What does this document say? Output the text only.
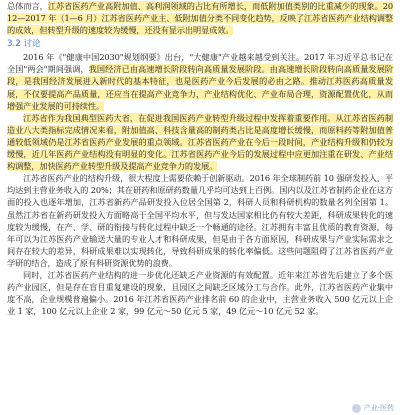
总体而言，江苏省医药产业高附加值、高利润领域的占比有所增长，而低附加值类别的比重减少的现象。2012—2017 年（1—6 月）江苏省医药产业主、低附加值分类不同变化趋势，反映了江苏省医药产业结构调整的成效，但转型升级的速度较为缓慢，还没有显示出明显成效。

3.2 讨论

2016 年《"健康中国2030"规划纲要》出台，"大健康"产业越来越受到关注。2017 年习近平总书记在全国"两会"期间强调，我国经济已由高速增长阶段转向高质量发展阶段。由高速增长阶段转向高质量发展阶段，是我国经济发展进入新时代的基本特征，也是医药产业今后发展的必由之路。推动江苏医药高质量发展，不仅要提高产品质量，还应当在提高产业竞争力，产业结构优化、产业布局合理，资源配置优化，从而增强产业发展的可持续性。

江苏省作为我国典型医药大省，在促进我国医药产业转型升级过程中发挥着重要作用。从江苏省医药制造业八大类指标完成情况来看，附加值高、科技含量高的制药类占比是高度增长缓慢，而原料药等附加值普通较低领域仍是江苏省医药产业发展的重点领域。江苏省医药产业在今后一段时间，产业结构升级和仍较为缓慢，近几年医药产业结构没有明显的变化。江苏省医药产业今后的发展过程中应更加注重在研发、产业结构调整，加快医药产业转型升级及提高产业竞争力的发展。

江苏省医药产业的结构升级，很大程度上需要依赖于创新驱动。2016 年全球制药前 10 强研发投入，平均达到主营业务收入的 20%；其在研药和原研药数量几乎均可达到上百例。国内以及江苏省制药企业在这方面的投入也逐年增加，江苏省新药产品研发投入位居全国第 2，科研人员和科研机构的数量名列全国第 1。虽然江苏省在新药研发投入方面略高于全国平均水平，但与发达国家相比仍有较大差距，科研成果转化的速度较为缓慢，在产、学、研的衔接与转化过程中缺乏一个畅通的途径。江苏拥有丰富且优质的教育资源，每年可以为江苏医药产业输送大量的专业人才和科研成果，但是由于各方面原因，科研成果与产业实际需求之间存在较大的差异，科研成果难以实现转化，导致科研成果的转化率偏低。这些问题阻碍了江苏省医药产业学研的结合，造成了原有科研资源优势的浪费。

同时，江苏省医药产业结构的进一步优化还缺乏产业资源的有效配置。近年来江苏省先后建立了多个医药产业园区，但是存在盲目重复建设的现象，且园区之间缺乏区域分工与合作。此外，江苏省医药产业集中度不高，企业规模普遍偏小。2016 年江苏省医药产业排名前 60 的企业中，主营业务收入 500 亿元以上企业 1 家，100 亿元以上企业 2 家，99 亿元～50 亿元 5 家，49 亿元～10 亿元 52 家。

产业·医药
